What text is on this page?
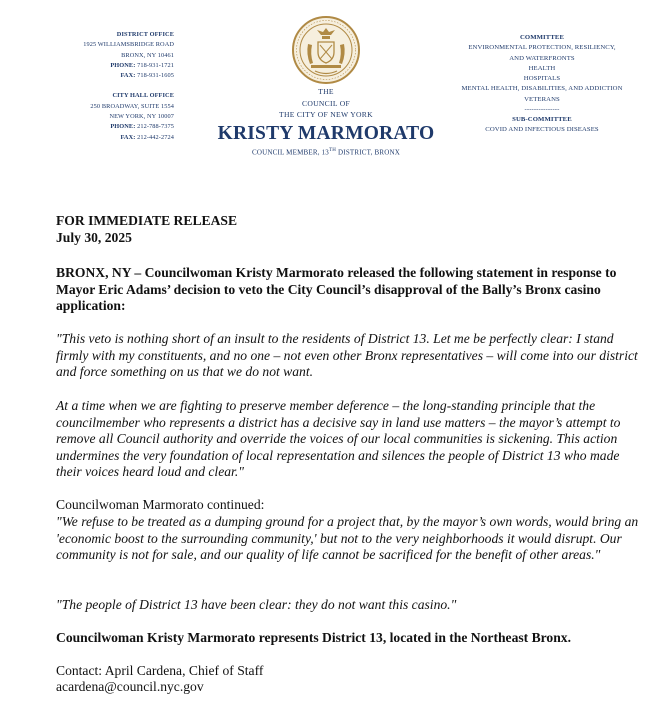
DISTRICT OFFICE
1925 WILLIAMSBRIDGE ROAD
BRONX, NY 10461
PHONE: 718-931-1721
FAX: 718-931-1605
CITY HALL OFFICE
250 BROADWAY, SUITE 1554
NEW YORK, NY 10007
PHONE: 212-788-7375
FAX: 212-442-2724
THE
COUNCIL OF
THE CITY OF NEW YORK
KRISTY MARMORATO
COUNCIL MEMBER, 13TH DISTRICT, BRONX
COMMITTEE
ENVIRONMENTAL PROTECTION, RESILIENCY,
AND WATERFRONTS
HEALTH
HOSPITALS
MENTAL HEALTH, DISABILITIES, AND ADDICTION
VETERANS
---------------
SUB-COMMITTEE
COVID AND INFECTIOUS DISEASES
FOR IMMEDIATE RELEASE
July 30, 2025

BRONX, NY – Councilwoman Kristy Marmorato released the following statement in response to Mayor Eric Adams’ decision to veto the City Council’s disapproval of the Bally’s Bronx casino application:

"This veto is nothing short of an insult to the residents of District 13. Let me be perfectly clear: I stand firmly with my constituents, and no one – not even other Bronx representatives – will come into our district and force something on us that we do not want.

At a time when we are fighting to preserve member deference – the long-standing principle that the councilmember who represents a district has a decisive say in land use matters – the mayor’s attempt to remove all Council authority and override the voices of our local communities is sickening. This action undermines the very foundation of local representation and silences the people of District 13 who made their voices heard loud and clear."

Councilwoman Marmorato continued:

"We refuse to be treated as a dumping ground for a project that, by the mayor’s own words, would bring an 'economic boost to the surrounding community,' but not to the very neighborhoods it would disrupt. Our community is not for sale, and our quality of life cannot be sacrificed for the benefit of other areas."

"The people of District 13 have been clear: they do not want this casino."

Councilwoman Kristy Marmorato represents District 13, located in the Northeast Bronx.

Contact: April Cardena, Chief of Staff

acardena@council.nyc.gov
